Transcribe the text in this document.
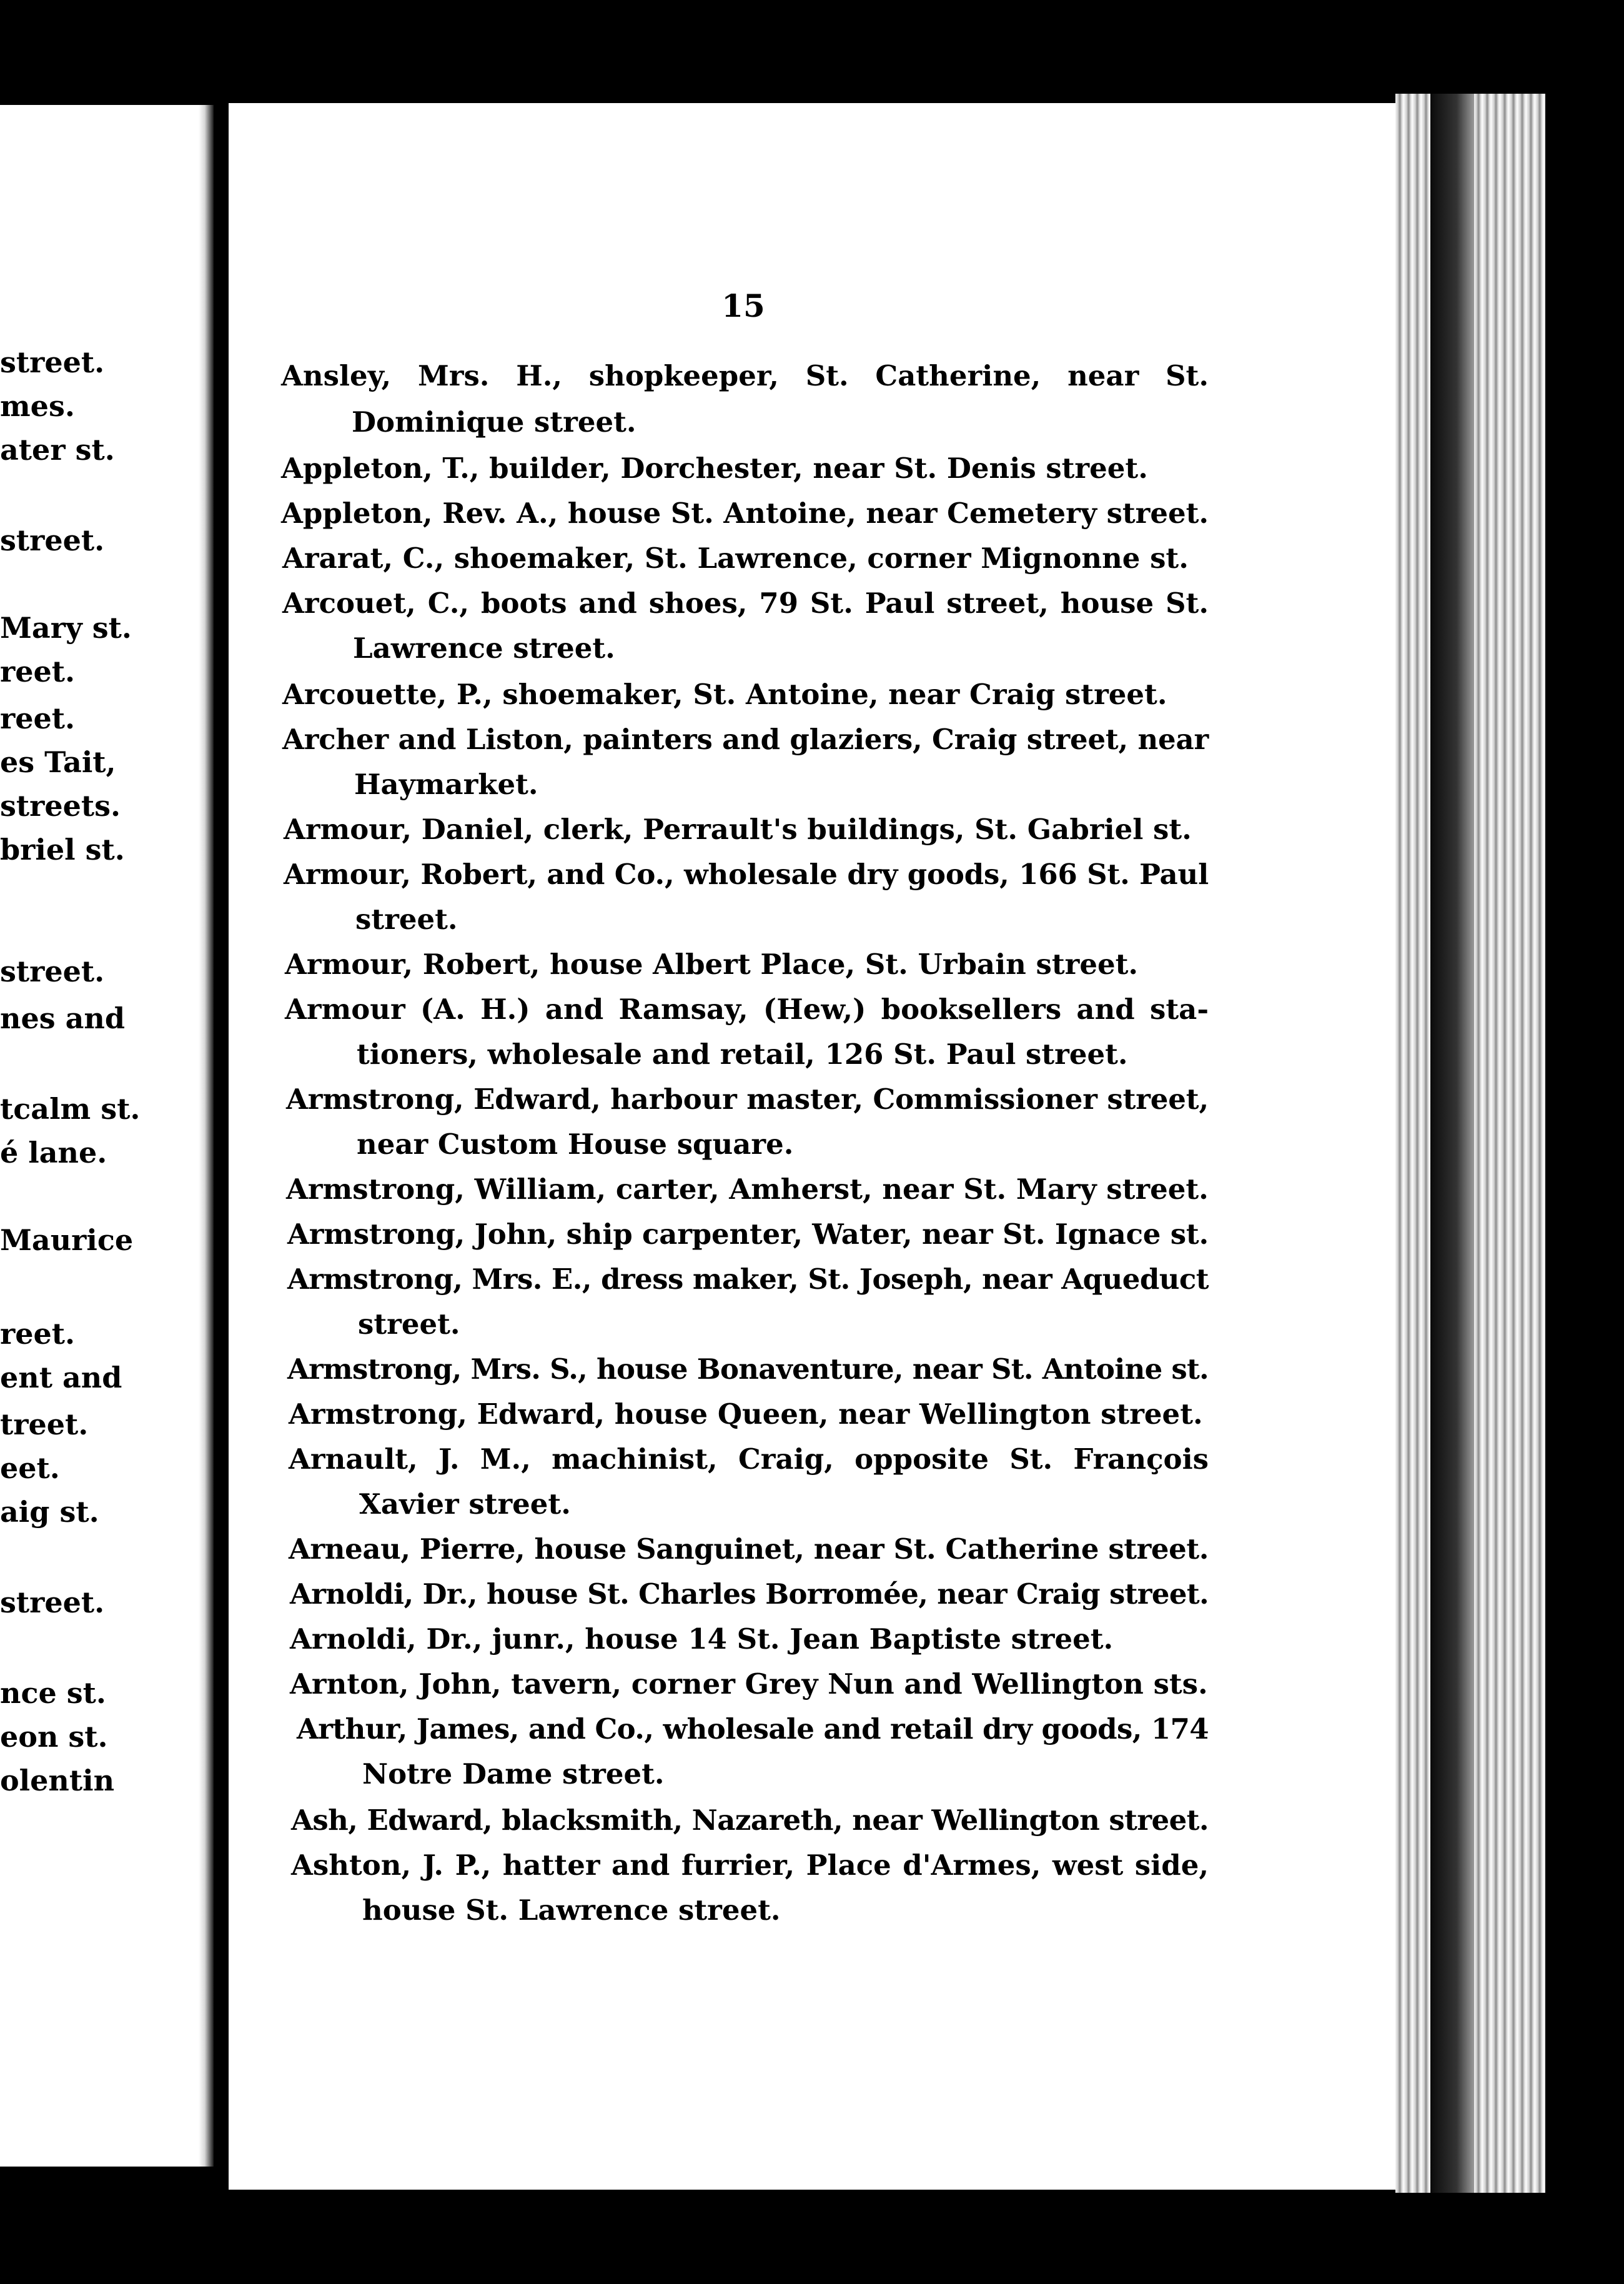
street.
mes.
ater st.
street.
Mary st.
reet.
reet.
es Tait,
streets.
briel st.
street.
nes and
tcalm st.
é lane.
Maurice
reet.
ent and
treet.
eet.
aig st.
street.
nce st.
eon st.
olentin
15
Ansley, Mrs. H., shopkeeper, St. Catherine, near St.
Dominique street.
Appleton, T., builder, Dorchester, near St. Denis street.
Appleton, Rev. A., house St. Antoine, near Cemetery street.
Ararat, C., shoemaker, St. Lawrence, corner Mignonne st.
Arcouet, C., boots and shoes, 79 St. Paul street, house St.
Lawrence street.
Arcouette, P., shoemaker, St. Antoine, near Craig street.
Archer and Liston, painters and glaziers, Craig street, near
Haymarket.
Armour, Daniel, clerk, Perrault's buildings, St. Gabriel st.
Armour, Robert, and Co., wholesale dry goods, 166 St. Paul
street.
Armour, Robert, house Albert Place, St. Urbain street.
Armour (A. H.) and Ramsay, (Hew,) booksellers and sta-
tioners, wholesale and retail, 126 St. Paul street.
Armstrong, Edward, harbour master, Commissioner street,
near Custom House square.
Armstrong, William, carter, Amherst, near St. Mary street.
Armstrong, John, ship carpenter, Water, near St. Ignace st.
Armstrong, Mrs. E., dress maker, St. Joseph, near Aqueduct
street.
Armstrong, Mrs. S., house Bonaventure, near St. Antoine st.
Armstrong, Edward, house Queen, near Wellington street.
Arnault, J. M., machinist, Craig, opposite St. François
Xavier street.
Arneau, Pierre, house Sanguinet, near St. Catherine street.
Arnoldi, Dr., house St. Charles Borromée, near Craig street.
Arnoldi, Dr., junr., house 14 St. Jean Baptiste street.
Arnton, John, tavern, corner Grey Nun and Wellington sts.
Arthur, James, and Co., wholesale and retail dry goods, 174
Notre Dame street.
Ash, Edward, blacksmith, Nazareth, near Wellington street.
Ashton, J. P., hatter and furrier, Place d'Armes, west side,
house St. Lawrence street.
